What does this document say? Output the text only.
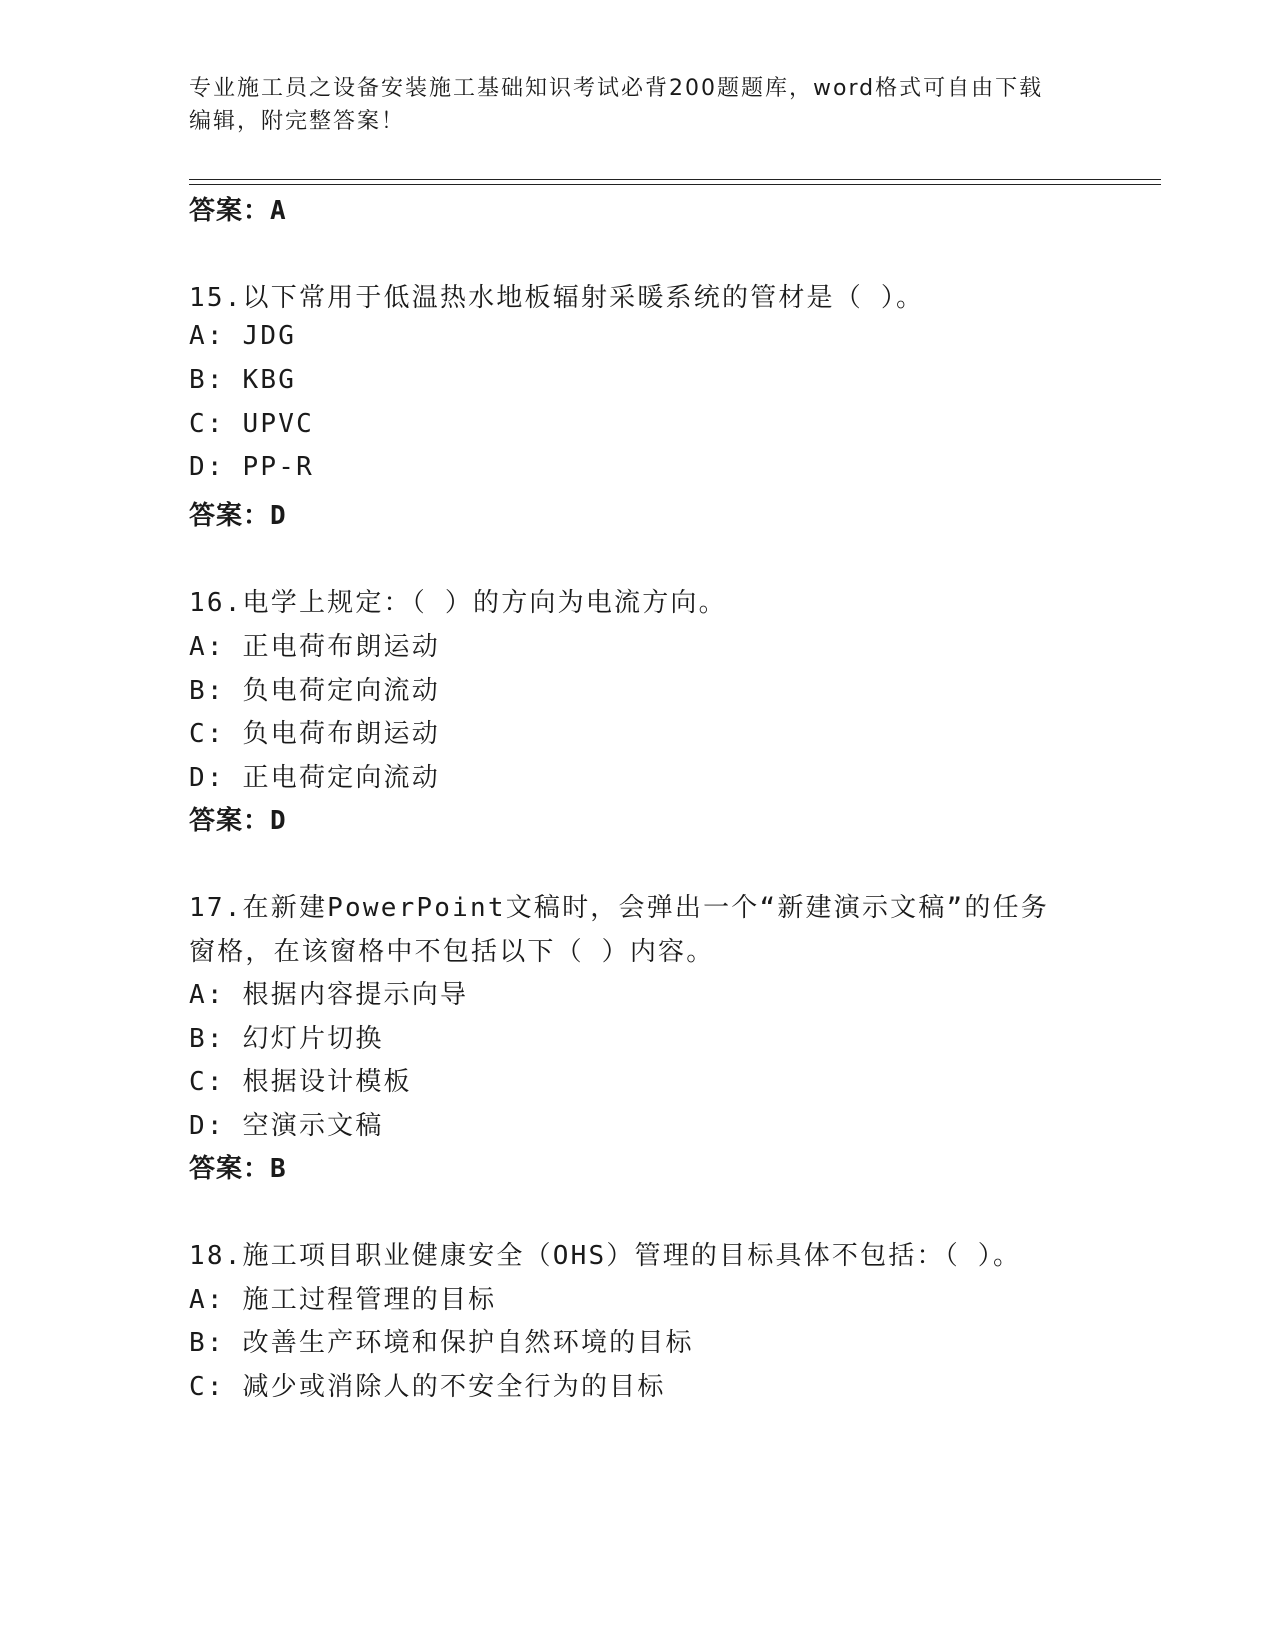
专业施工员之设备安装施工基础知识考试必背200题题库，word格式可自由下载
编辑，附完整答案！
答案：A
15.以下常用于低温热水地板辐射采暖系统的管材是（ ）。
A: JDG
B: KBG
C: UPVC
D: PP-R
答案：D
16.电学上规定：（ ）的方向为电流方向。
A: 正电荷布朗运动
B: 负电荷定向流动
C: 负电荷布朗运动
D: 正电荷定向流动
答案：D
17.在新建PowerPoint文稿时，会弹出一个“新建演示文稿”的任务
窗格，在该窗格中不包括以下（ ）内容。
A: 根据内容提示向导
B: 幻灯片切换
C: 根据设计模板
D: 空演示文稿
答案：B
18.施工项目职业健康安全（OHS）管理的目标具体不包括：（ ）。
A: 施工过程管理的目标
B: 改善生产环境和保护自然环境的目标
C: 减少或消除人的不安全行为的目标
